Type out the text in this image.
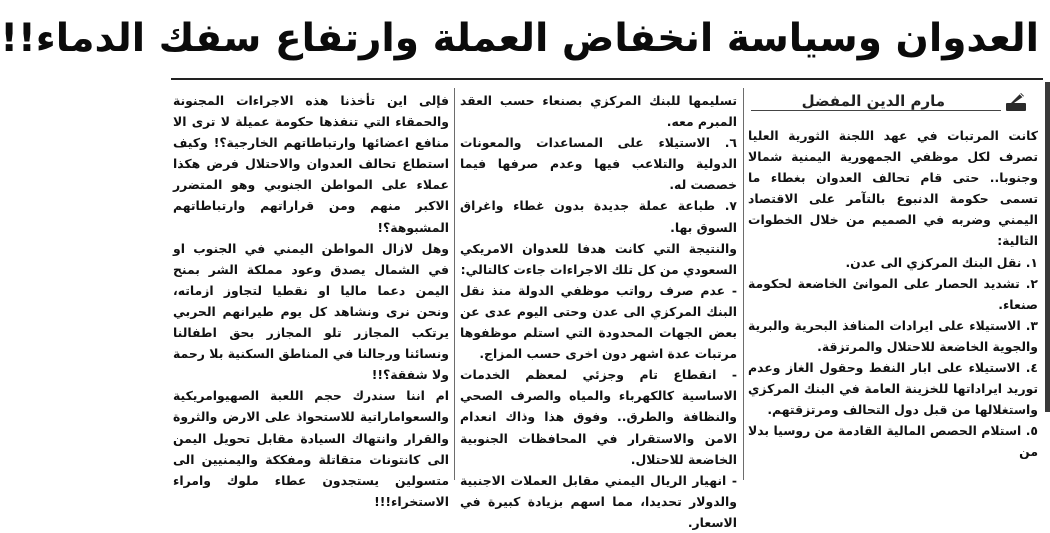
العدوان وسياسة انخفاض العملة وارتفاع سفك الدماء!!
مارم الدين المفضل

كانت المرتبات في عهد اللجنة الثورية العليا تصرف لكل موظفي الجمهورية اليمنية شمالا وجنوبا.. حتى قام تحالف العدوان بغطاء ما تسمى حكومة الدنبوع بالتآمر على الاقتصاد اليمني وضربه في الصميم من خلال الخطوات التالية:

١. نقل البنك المركزي الى عدن.

٢. تشديد الحصار على الموانئ الخاضعة لحكومة صنعاء.

٣. الاستيلاء على ايرادات المنافذ البحرية والبرية والجوية الخاضعة للاحتلال والمرتزقة.

٤. الاستيلاء على ابار النفط وحقول الغاز وعدم توريد ايراداتها للخزينة العامة في البنك المركزي واستغلالها من قبل دول التحالف ومرتزقتهم.

٥. استلام الحصص المالية القادمة من روسيا بدلا من

تسليمها للبنك المركزي بصنعاء حسب العقد المبرم معه.

٦. الاستيلاء على المساعدات والمعونات الدولية والتلاعب فيها وعدم صرفها فيما خصصت له.

٧. طباعة عملة جديدة بدون غطاء واغراق السوق بها.

والنتيجة التي كانت هدفا للعدوان الامريكي السعودي من كل تلك الاجراءات جاءت كالتالي:

- عدم صرف رواتب موظفي الدولة منذ نقل البنك المركزي الى عدن وحتى اليوم عدى عن بعض الجهات المحدودة التي استلم موظفوها مرتبات عدة اشهر دون اخرى حسب المزاج.

- انقطاع تام وجزئي لمعظم الخدمات الاساسية كالكهرباء والمياه والصرف الصحي والنظافة والطرق.. وفوق هذا وذاك انعدام الامن والاستقرار في المحافظات الجنوبية الخاضعة للاحتلال.

- انهيار الريال اليمني مقابل العملات الاجنبية والدولار تحديدا، مما اسهم بزيادة كبيرة في الاسعار.

فإلى اين تأخذنا هذه الاجراءات المجنونة والحمقاء التي تنفذها حكومة عميلة لا ترى الا منافع اعضائها وارتباطاتهم الخارجية؟! وكيف استطاع تحالف العدوان والاحتلال فرض هكذا عملاء على المواطن الجنوبي وهو المتضرر الاكبر منهم ومن قراراتهم وارتباطاتهم المشبوهة؟!

وهل لازال المواطن اليمني في الجنوب او في الشمال يصدق وعود مملكة الشر بمنح اليمن دعما ماليا او نقطيا لتجاوز ازماته، ونحن نرى ونشاهد كل يوم طيرانهم الحربي يرتكب المجازر تلو المجازر بحق اطفالنا ونسائنا ورجالنا في المناطق السكنية بلا رحمة ولا شفقة؟!!

ام اننا سندرك حجم اللعبة الصهيوامريكية والسعواماراتية للاستحواذ على الارض والثروة والقرار وانتهاك السيادة مقابل تحويل اليمن الى كانتونات متقاتلة ومفككة واليمنيين الى متسولين يستجدون عطاء ملوك وامراء الاستخراء!!!
